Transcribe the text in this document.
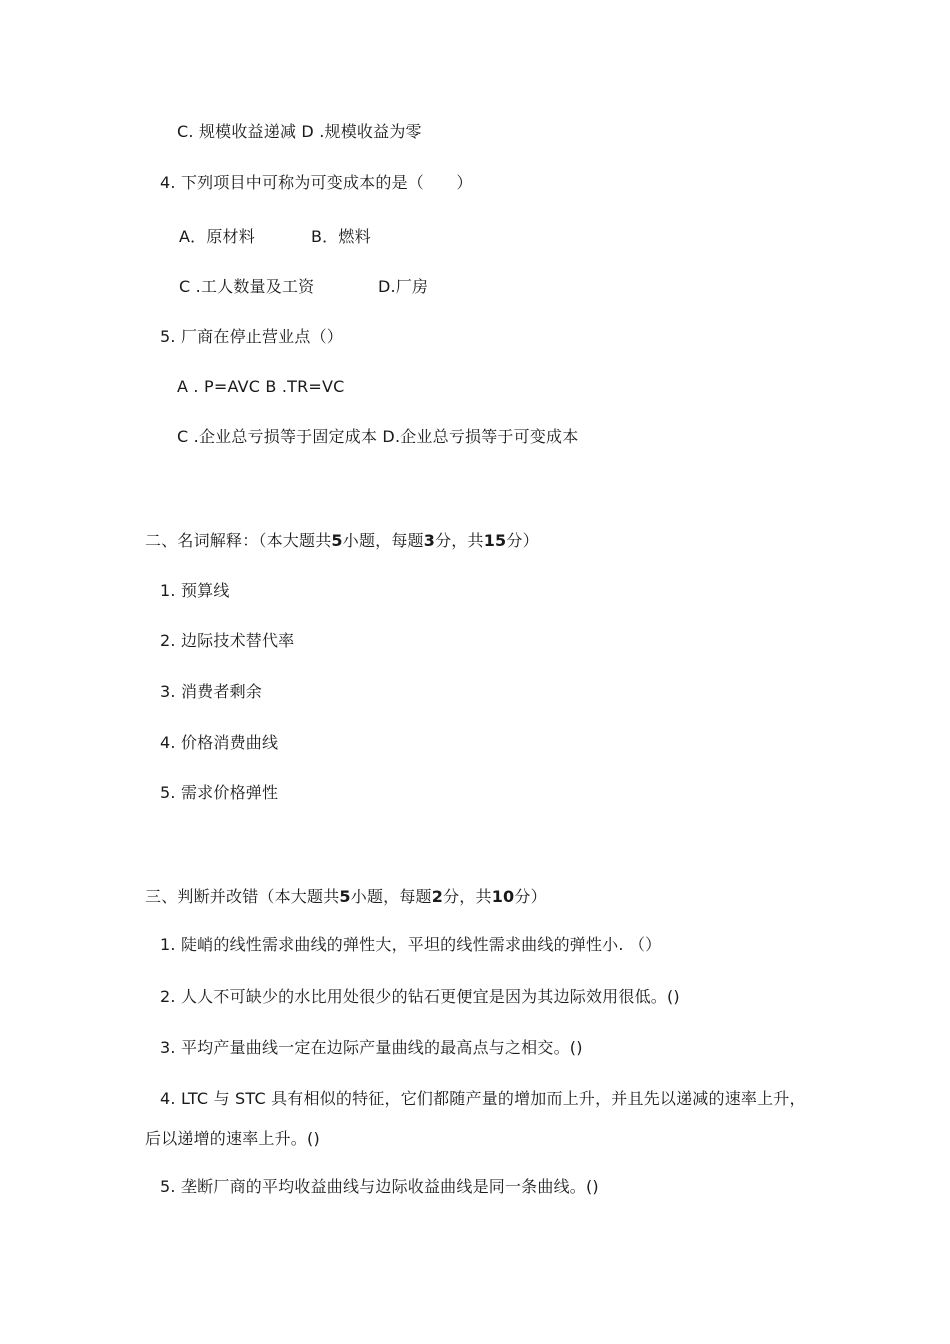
C. 规模收益递减 D .规模收益为零
4. 下列项目中可称为可变成本的是（　　）
A．原材料	B．燃料
C .工人数量及工资	D.厂房
5. 厂商在停止营业点（）
A . P=AVC B .TR=VC
C .企业总亏损等于固定成本 D.企业总亏损等于可变成本
二、名词解释：（本大题共5小题，每题3分，共15分）
1. 预算线
2. 边际技术替代率
3. 消费者剩余
4. 价格消费曲线
5. 需求价格弹性
三、判断并改错（本大题共5小题，每题2分，共10分）
1. 陡峭的线性需求曲线的弹性大，平坦的线性需求曲线的弹性小. （）
2. 人人不可缺少的水比用处很少的钻石更便宜是因为其边际效用很低。()
3. 平均产量曲线一定在边际产量曲线的最高点与之相交。()
4. LTC 与 STC 具有相似的特征，它们都随产量的增加而上升，并且先以递减的速率上升，
后以递增的速率上升。()
5. 垄断厂商的平均收益曲线与边际收益曲线是同一条曲线。()
